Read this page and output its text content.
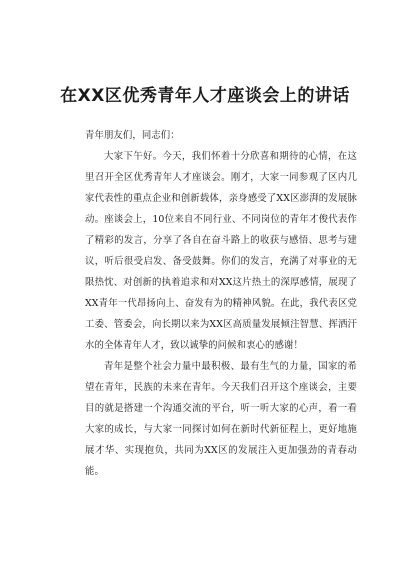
在XX区优秀青年人才座谈会上的讲话

青年朋友们，同志们：

大家下午好。今天，我们怀着十分欣喜和期待的心情，在这里召开全区优秀青年人才座谈会。刚才，大家一同参观了区内几家代表性的重点企业和创新载体，亲身感受了XX区澎湃的发展脉动。座谈会上，10位来自不同行业、不同岗位的青年才俊代表作了精彩的发言，分享了各自在奋斗路上的收获与感悟、思考与建议，听后很受启发、备受鼓舞。你们的发言，充满了对事业的无限热忱、对创新的执着追求和对XX这片热土的深厚感情，展现了XX青年一代昂扬向上、奋发有为的精神风貌。在此，我代表区党工委、管委会，向长期以来为XX区高质量发展倾注智慧、挥洒汗水的全体青年人才，致以诚挚的问候和衷心的感谢！

青年是整个社会力量中最积极、最有生气的力量，国家的希望在青年，民族的未来在青年。今天我们召开这个座谈会，主要目的就是搭建一个沟通交流的平台，听一听大家的心声，看一看大家的成长，与大家一同探讨如何在新时代新征程上，更好地施展才华、实现抱负，共同为XX区的发展注入更加强劲的青春动能。
